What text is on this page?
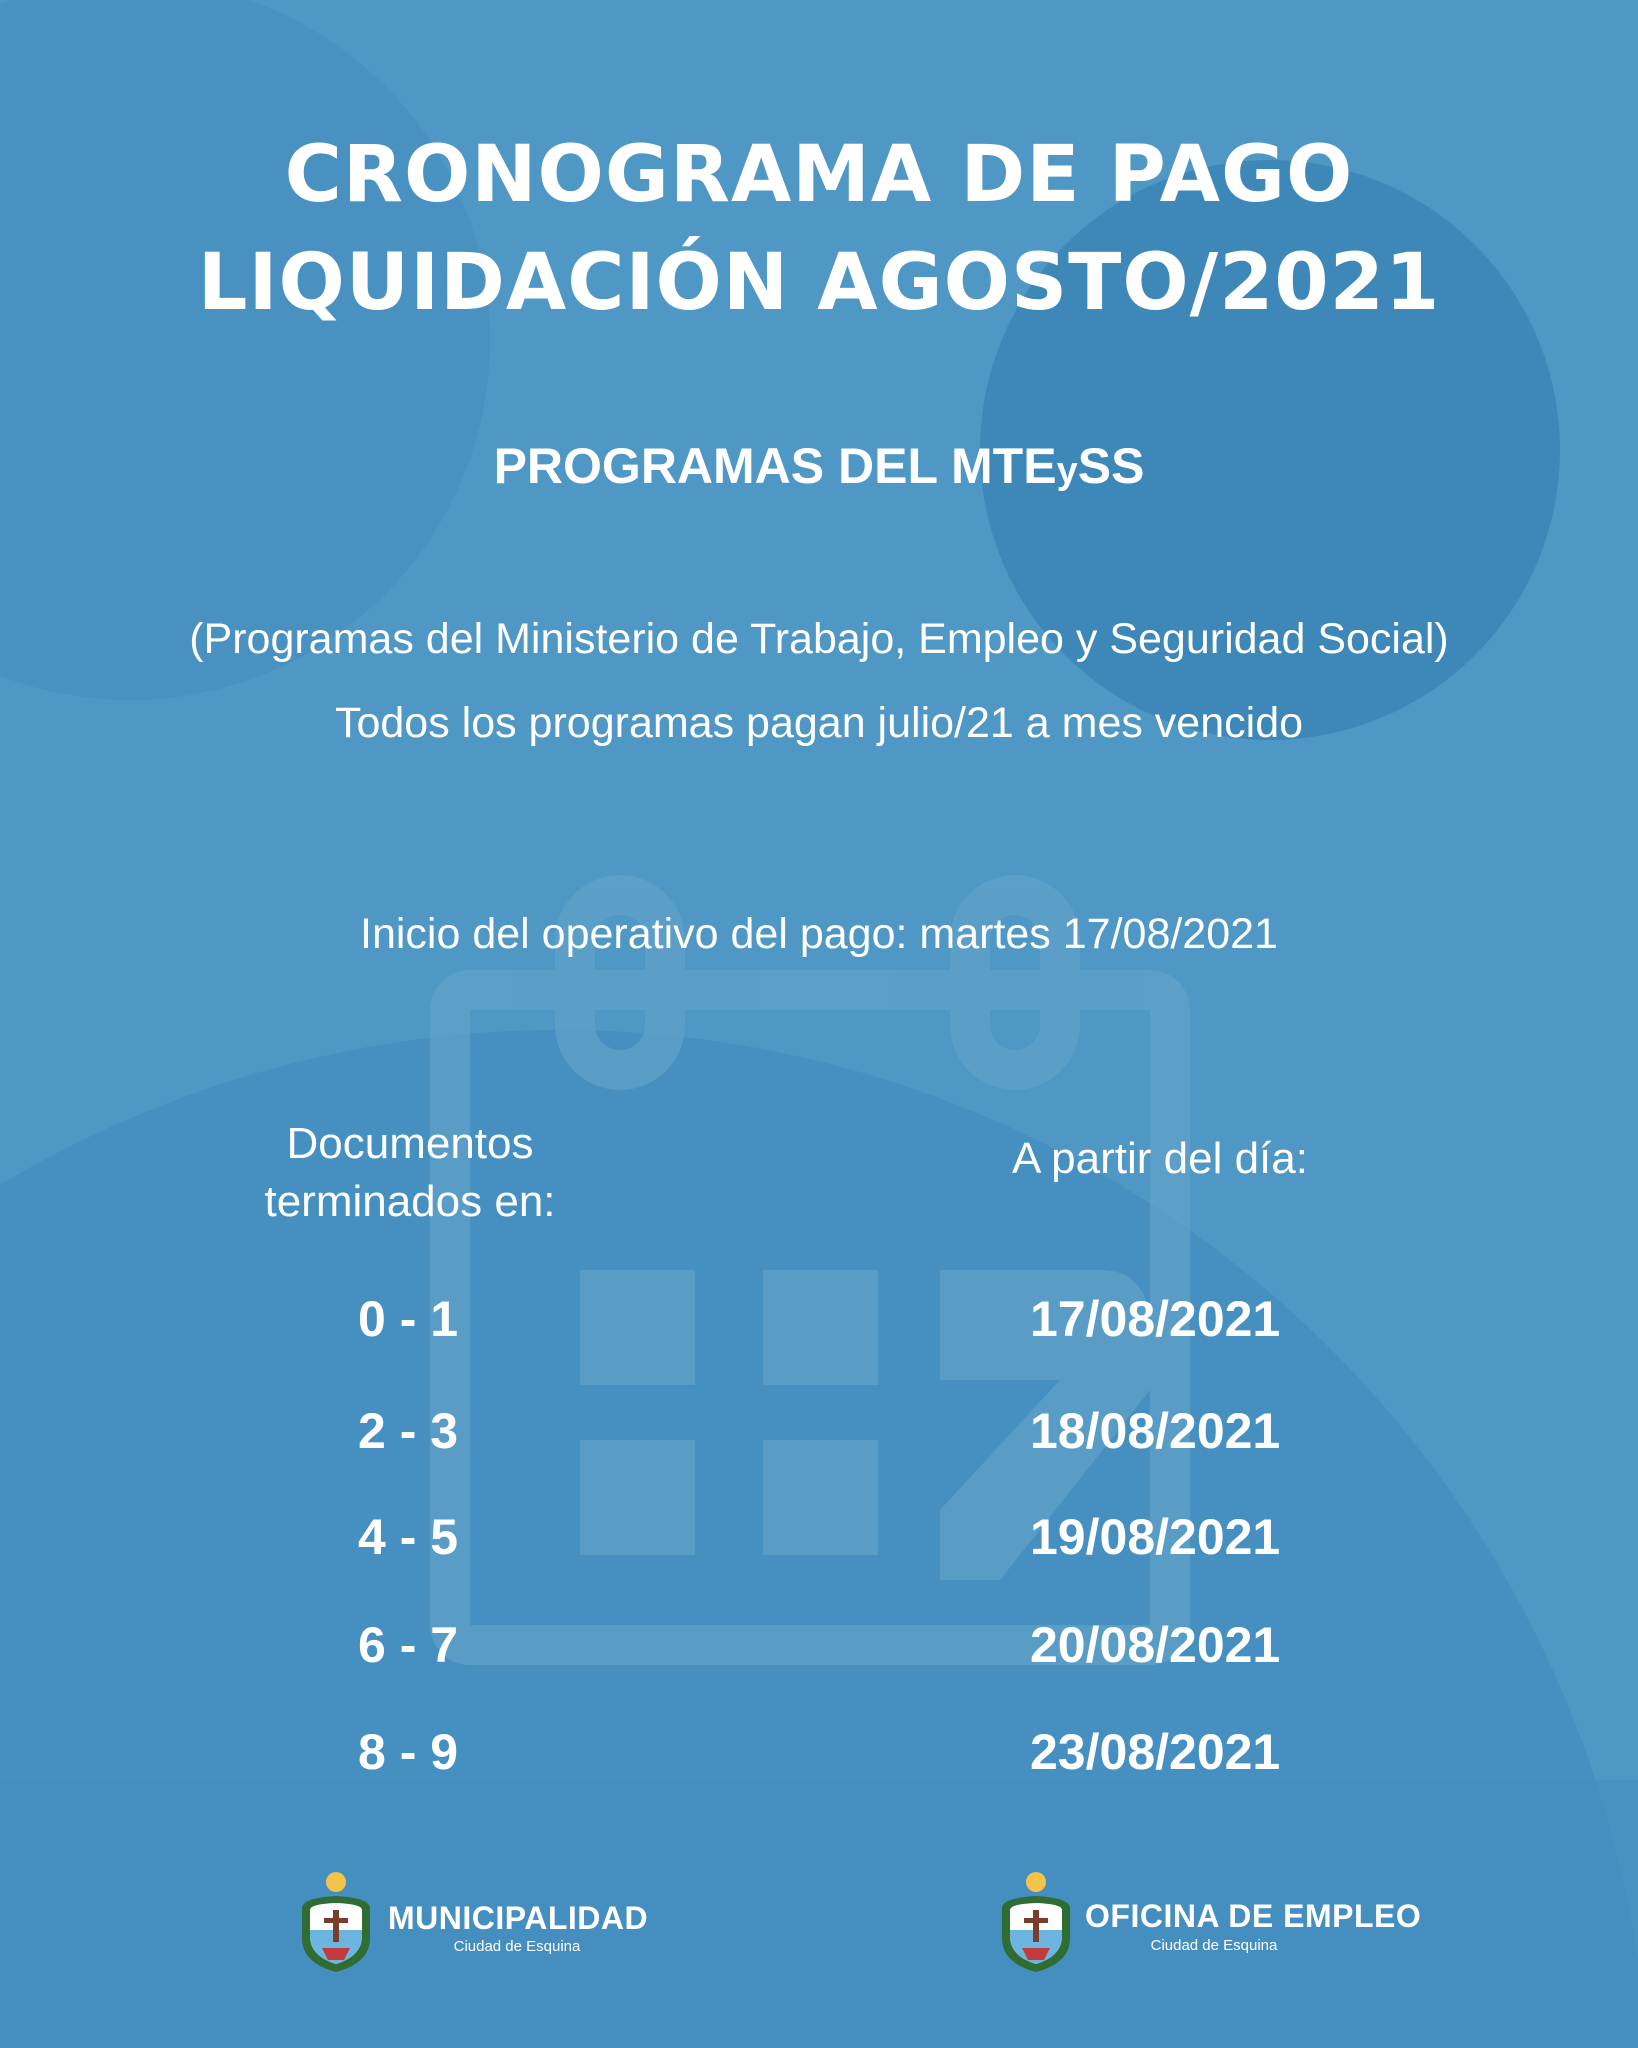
CRONOGRAMA DE PAGO
LIQUIDACIÓN AGOSTO/2021
PROGRAMAS DEL MTEySS
(Programas del Ministerio de Trabajo, Empleo y Seguridad Social)
Todos los programas pagan julio/21 a mes vencido
Inicio del operativo del pago: martes 17/08/2021
Documentos
terminados en:
A partir del día:
0 - 1	17/08/2021
2 - 3	18/08/2021
4 - 5	19/08/2021
6 - 7	20/08/2021
8 - 9	23/08/2021
MUNICIPALIDAD
Ciudad de Esquina
OFICINA DE EMPLEO
Ciudad de Esquina
